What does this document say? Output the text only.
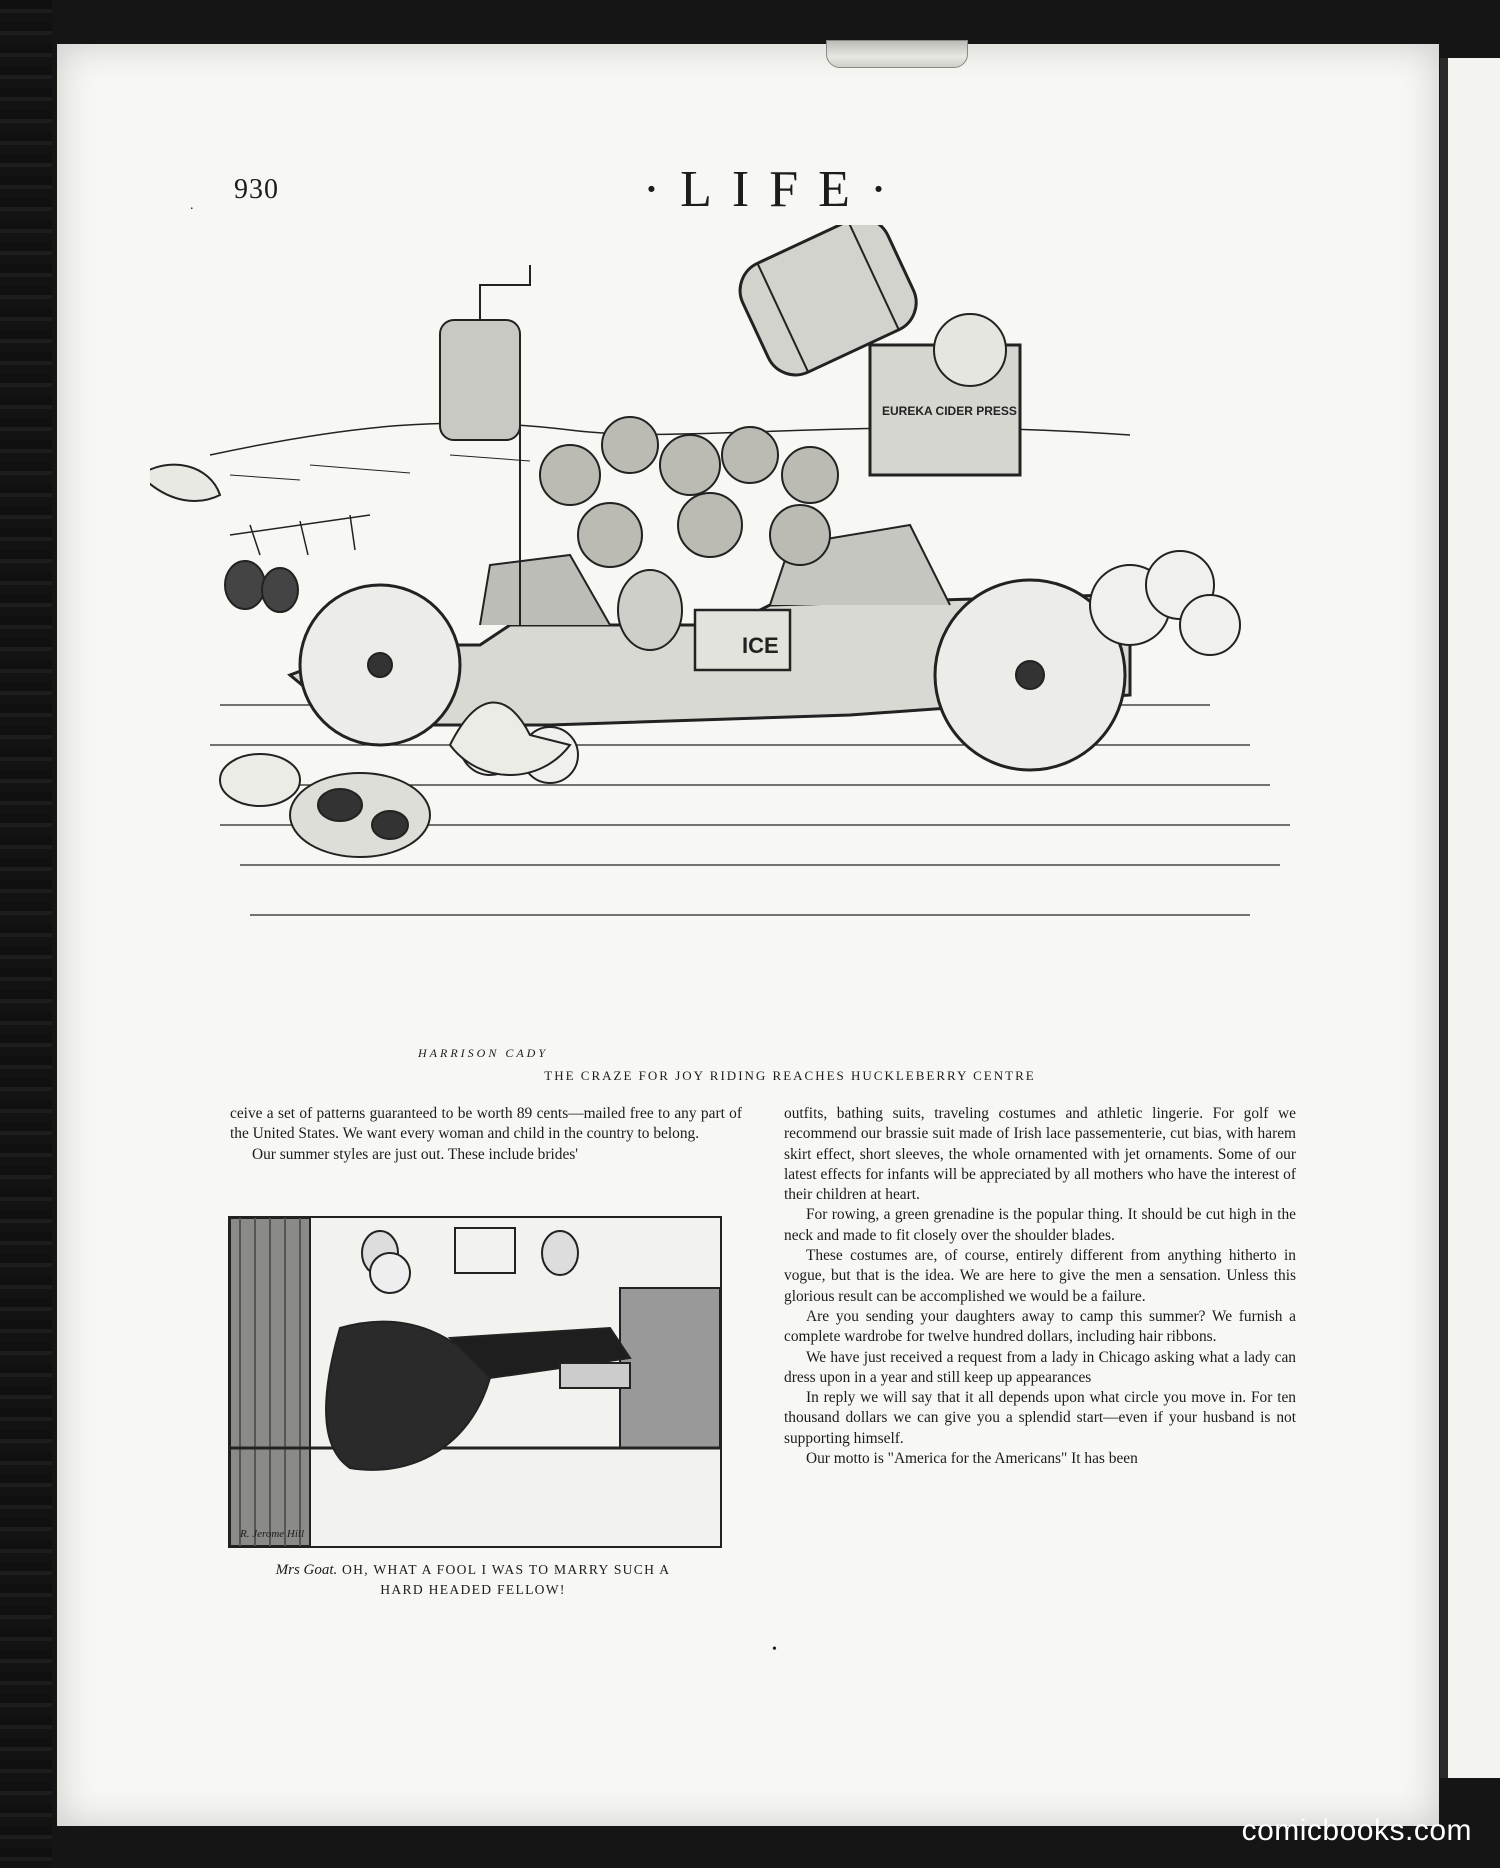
.
930	·LIFE·
ICE
EUREKA CIDER PRESS
HARRISON CADY
THE CRAZE FOR JOY RIDING REACHES HUCKLEBERRY CENTRE

ceive a set of patterns guaranteed to be worth 89 cents—mailed free to any part of the United States. We want every woman and child in the country to belong.

Our summer styles are just out. These include brides'

R. Jerome Hill
Mrs Goat. OH, WHAT A FOOL I WAS TO MARRY SUCH A
HARD HEADED FELLOW!

outfits, bathing suits, traveling costumes and athletic lingerie. For golf we recommend our brassie suit made of Irish lace passementerie, cut bias, with harem skirt effect, short sleeves, the whole ornamented with jet ornaments. Some of our latest effects for infants will be appreciated by all mothers who have the interest of their children at heart.

For rowing, a green grenadine is the popular thing. It should be cut high in the neck and made to fit closely over the shoulder blades.

These costumes are, of course, entirely different from anything hitherto in vogue, but that is the idea. We are here to give the men a sensation. Unless this glorious result can be accomplished we would be a failure.

Are you sending your daughters away to camp this summer? We furnish a complete wardrobe for twelve hundred dollars, including hair ribbons.

We have just received a request from a lady in Chicago asking what a lady can dress upon in a year and still keep up appearances

In reply we will say that it all depends upon what circle you move in. For ten thousand dollars we can give you a splendid start—even if your husband is not supporting himself.

Our motto is "America for the Americans" It has been

•
comicbooks.com
